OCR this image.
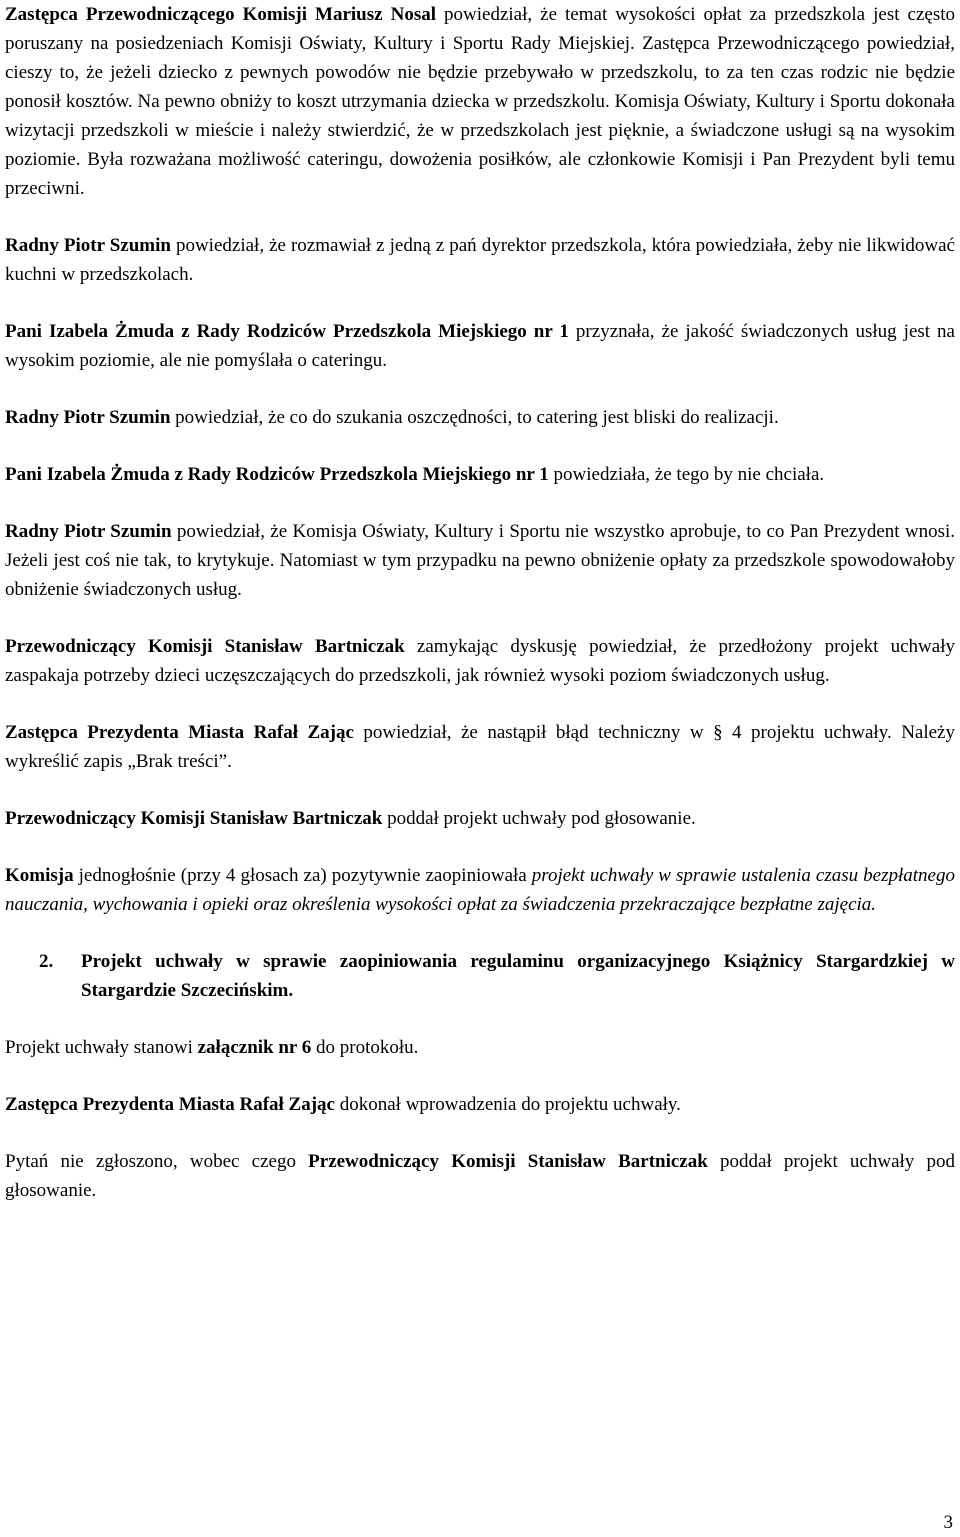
Zastępca Przewodniczącego Komisji Mariusz Nosal powiedział, że temat wysokości opłat za przedszkola jest często poruszany na posiedzeniach Komisji Oświaty, Kultury i Sportu Rady Miejskiej. Zastępca Przewodniczącego powiedział, cieszy to, że jeżeli dziecko z pewnych powodów nie będzie przebywało w przedszkolu, to za ten czas rodzic nie będzie ponosił kosztów. Na pewno obniży to koszt utrzymania dziecka w przedszkolu. Komisja Oświaty, Kultury i Sportu dokonała wizytacji przedszkoli w mieście i należy stwierdzić, że w przedszkolach jest pięknie, a świadczone usługi są na wysokim poziomie. Była rozważana możliwość cateringu, dowożenia posiłków, ale członkowie Komisji i Pan Prezydent byli temu przeciwni.

Radny Piotr Szumin powiedział, że rozmawiał z jedną z pań dyrektor przedszkola, która powiedziała, żeby nie likwidować kuchni w przedszkolach.

Pani Izabela Żmuda z Rady Rodziców Przedszkola Miejskiego nr 1 przyznała, że jakość świadczonych usług jest na wysokim poziomie, ale nie pomyślała o cateringu.

Radny Piotr Szumin powiedział, że co do szukania oszczędności, to catering jest bliski do realizacji.

Pani Izabela Żmuda z Rady Rodziców Przedszkola Miejskiego nr 1 powiedziała, że tego by nie chciała.

Radny Piotr Szumin powiedział, że Komisja Oświaty, Kultury i Sportu nie wszystko aprobuje, to co Pan Prezydent wnosi. Jeżeli jest coś nie tak, to krytykuje. Natomiast w tym przypadku na pewno obniżenie opłaty za przedszkole spowodowałoby obniżenie świadczonych usług.

Przewodniczący Komisji Stanisław Bartniczak zamykając dyskusję powiedział, że przedłożony projekt uchwały zaspakaja potrzeby dzieci uczęszczających do przedszkoli, jak również wysoki poziom świadczonych usług.

Zastępca Prezydenta Miasta Rafał Zając powiedział, że nastąpił błąd techniczny w § 4 projektu uchwały. Należy wykreślić zapis „Brak treści”.

Przewodniczący Komisji Stanisław Bartniczak poddał projekt uchwały pod głosowanie.

Komisja jednogłośnie (przy 4 głosach za) pozytywnie zaopiniowała projekt uchwały w sprawie ustalenia czasu bezpłatnego nauczania, wychowania i opieki oraz określenia wysokości opłat za świadczenia przekraczające bezpłatne zajęcia.

2. Projekt uchwały w sprawie zaopiniowania regulaminu organizacyjnego Książnicy Stargardzkiej w Stargardzie Szczecińskim.

Projekt uchwały stanowi załącznik nr 6 do protokołu.

Zastępca Prezydenta Miasta Rafał Zając dokonał wprowadzenia do projektu uchwały.

Pytań nie zgłoszono, wobec czego Przewodniczący Komisji Stanisław Bartniczak poddał projekt uchwały pod głosowanie.

3
